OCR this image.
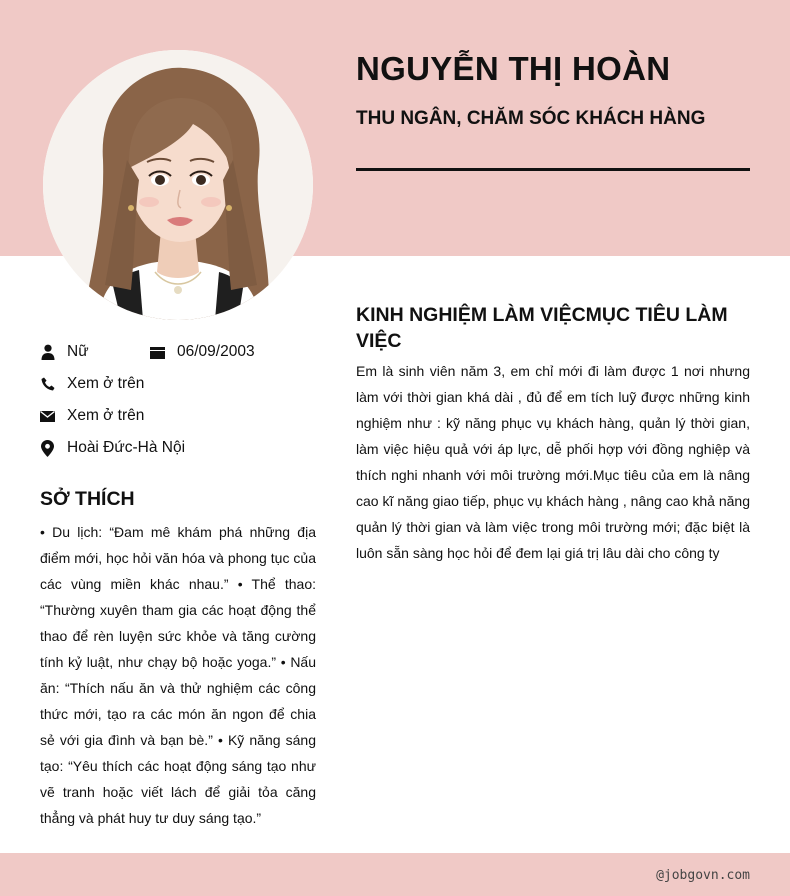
NGUYỄN THỊ HOÀN
THU NGÂN, CHĂM SÓC KHÁCH HÀNG
Nữ	06/09/2003
Xem ở trên
Xem ở trên
Hoài Đức-Hà Nội
SỞ THÍCH

• Du lịch: “Đam mê khám phá những địa điểm mới, học hỏi văn hóa và phong tục của các vùng miền khác nhau.” • Thể thao: “Thường xuyên tham gia các hoạt động thể thao để rèn luyện sức khỏe và tăng cường tính kỷ luật, như chạy bộ hoặc yoga.” • Nấu ăn: “Thích nấu ăn và thử nghiệm các công thức mới, tạo ra các món ăn ngon để chia sẻ với gia đình và bạn bè.” • Kỹ năng sáng tạo: “Yêu thích các hoạt động sáng tạo như vẽ tranh hoặc viết lách để giải tỏa căng thẳng và phát huy tư duy sáng tạo.”

KINH NGHIỆM LÀM VIỆCMỤC TIÊU LÀM VIỆC

Em là sinh viên năm 3, em chỉ mới đi làm được 1 nơi nhưng làm với thời gian khá dài , đủ để em tích luỹ được những kinh nghiệm như : kỹ năng phục vụ khách hàng, quản lý thời gian, làm việc hiệu quả với áp lực, dễ phối hợp với đồng nghiệp và thích nghi nhanh với môi trường mới.Mục tiêu của em là nâng cao kĩ năng giao tiếp, phục vụ khách hàng , nâng cao khả năng quản lý thời gian và làm việc trong môi trường mới; đặc biệt là luôn sẵn sàng học hỏi để đem lại giá trị lâu dài cho công ty

@jobgovn.com
